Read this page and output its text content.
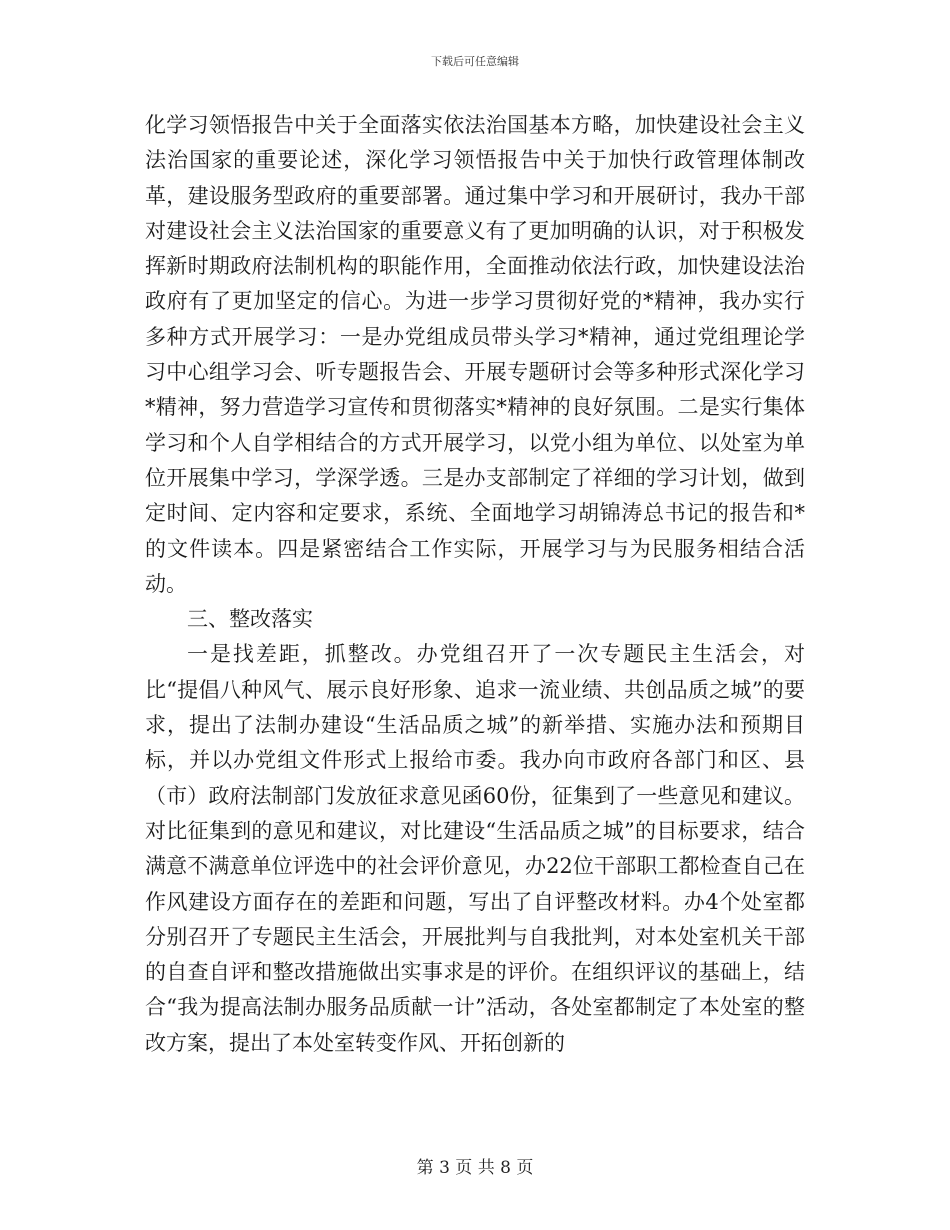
下载后可任意编辑

化学习领悟报告中关于全面落实依法治国基本方略，加快建设社会主义法治国家的重要论述，深化学习领悟报告中关于加快行政管理体制改革，建设服务型政府的重要部署。通过集中学习和开展研讨，我办干部对建设社会主义法治国家的重要意义有了更加明确的认识，对于积极发挥新时期政府法制机构的职能作用，全面推动依法行政，加快建设法治政府有了更加坚定的信心。为进一步学习贯彻好党的*精神，我办实行多种方式开展学习：一是办党组成员带头学习*精神，通过党组理论学习中心组学习会、听专题报告会、开展专题研讨会等多种形式深化学习*精神，努力营造学习宣传和贯彻落实*精神的良好氛围。二是实行集体学习和个人自学相结合的方式开展学习，以党小组为单位、以处室为单位开展集中学习，学深学透。三是办支部制定了祥细的学习计划，做到定时间、定内容和定要求，系统、全面地学习胡锦涛总书记的报告和*的文件读本。四是紧密结合工作实际，开展学习与为民服务相结合活动。

三、整改落实

一是找差距，抓整改。办党组召开了一次专题民主生活会，对比“提倡八种风气、展示良好形象、追求一流业绩、共创品质之城”的要求，提出了法制办建设“生活品质之城”的新举措、实施办法和预期目标，并以办党组文件形式上报给市委。我办向市政府各部门和区、县（市）政府法制部门发放征求意见函60份，征集到了一些意见和建议。对比征集到的意见和建议，对比建设“生活品质之城”的目标要求，结合满意不满意单位评选中的社会评价意见，办22位干部职工都检查自己在作风建设方面存在的差距和问题，写出了自评整改材料。办4个处室都分别召开了专题民主生活会，开展批判与自我批判，对本处室机关干部的自查自评和整改措施做出实事求是的评价。在组织评议的基础上，结合“我为提高法制办服务品质献一计”活动，各处室都制定了本处室的整改方案，提出了本处室转变作风、开拓创新的

第 3 页 共 8 页
